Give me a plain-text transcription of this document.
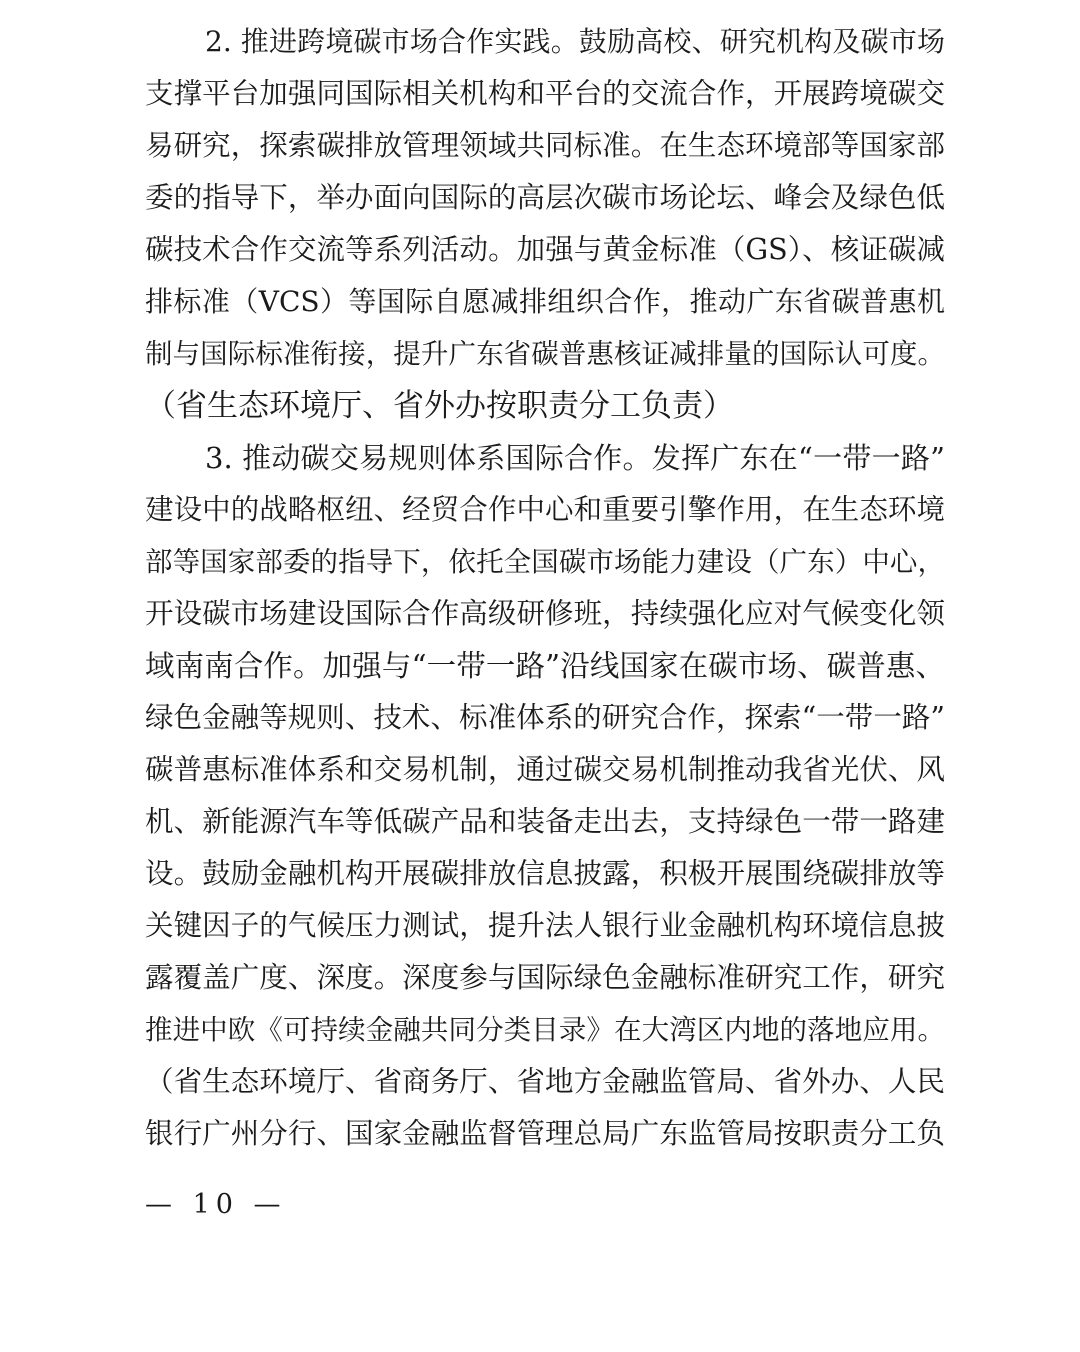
2. 推进跨境碳市场合作实践。鼓励高校、研究机构及碳市场
支撑平台加强同国际相关机构和平台的交流合作，开展跨境碳交
易研究，探索碳排放管理领域共同标准。在生态环境部等国家部
委的指导下，举办面向国际的高层次碳市场论坛、峰会及绿色低
碳技术合作交流等系列活动。加强与黄金标准（GS）、核证碳减
排标准（VCS）等国际自愿减排组织合作，推动广东省碳普惠机
制与国际标准衔接，提升广东省碳普惠核证减排量的国际认可度。
（省生态环境厅、省外办按职责分工负责）
3. 推动碳交易规则体系国际合作。发挥广东在“一带一路”
建设中的战略枢纽、经贸合作中心和重要引擎作用，在生态环境
部等国家部委的指导下，依托全国碳市场能力建设（广东）中心，
开设碳市场建设国际合作高级研修班，持续强化应对气候变化领
域南南合作。加强与“一带一路”沿线国家在碳市场、碳普惠、
绿色金融等规则、技术、标准体系的研究合作，探索“一带一路”
碳普惠标准体系和交易机制，通过碳交易机制推动我省光伏、风
机、新能源汽车等低碳产品和装备走出去，支持绿色一带一路建
设。鼓励金融机构开展碳排放信息披露，积极开展围绕碳排放等
关键因子的气候压力测试，提升法人银行业金融机构环境信息披
露覆盖广度、深度。深度参与国际绿色金融标准研究工作，研究
推进中欧《可持续金融共同分类目录》在大湾区内地的落地应用。
（省生态环境厅、省商务厅、省地方金融监管局、省外办、人民
银行广州分行、国家金融监督管理总局广东监管局按职责分工负
— 10 —
